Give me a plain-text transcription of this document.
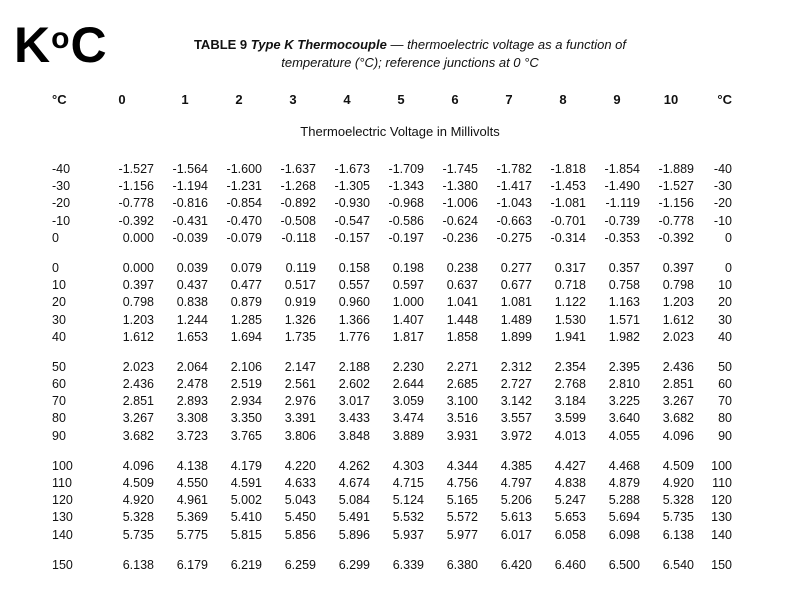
$K^oC$	TABLE 9 Type K Thermocouple — thermoelectric voltage as a function of
temperature (°C); reference junctions at 0 °C
°C	0	1	2	3	4	5	6	7	8	9	10	°C
Thermoelectric Voltage in Millivolts
-40	-1.527	-1.564	-1.600	-1.637	-1.673	-1.709	-1.745	-1.782	-1.818	-1.854	-1.889	-40
-30	-1.156	-1.194	-1.231	-1.268	-1.305	-1.343	-1.380	-1.417	-1.453	-1.490	-1.527	-30
-20	-0.778	-0.816	-0.854	-0.892	-0.930	-0.968	-1.006	-1.043	-1.081	-1.119	-1.156	-20
-10	-0.392	-0.431	-0.470	-0.508	-0.547	-0.586	-0.624	-0.663	-0.701	-0.739	-0.778	-10
0	0.000	-0.039	-0.079	-0.118	-0.157	-0.197	-0.236	-0.275	-0.314	-0.353	-0.392	0
0	0.000	0.039	0.079	0.119	0.158	0.198	0.238	0.277	0.317	0.357	0.397	0
10	0.397	0.437	0.477	0.517	0.557	0.597	0.637	0.677	0.718	0.758	0.798	10
20	0.798	0.838	0.879	0.919	0.960	1.000	1.041	1.081	1.122	1.163	1.203	20
30	1.203	1.244	1.285	1.326	1.366	1.407	1.448	1.489	1.530	1.571	1.612	30
40	1.612	1.653	1.694	1.735	1.776	1.817	1.858	1.899	1.941	1.982	2.023	40
50	2.023	2.064	2.106	2.147	2.188	2.230	2.271	2.312	2.354	2.395	2.436	50
60	2.436	2.478	2.519	2.561	2.602	2.644	2.685	2.727	2.768	2.810	2.851	60
70	2.851	2.893	2.934	2.976	3.017	3.059	3.100	3.142	3.184	3.225	3.267	70
80	3.267	3.308	3.350	3.391	3.433	3.474	3.516	3.557	3.599	3.640	3.682	80
90	3.682	3.723	3.765	3.806	3.848	3.889	3.931	3.972	4.013	4.055	4.096	90
100	4.096	4.138	4.179	4.220	4.262	4.303	4.344	4.385	4.427	4.468	4.509	100
110	4.509	4.550	4.591	4.633	4.674	4.715	4.756	4.797	4.838	4.879	4.920	110
120	4.920	4.961	5.002	5.043	5.084	5.124	5.165	5.206	5.247	5.288	5.328	120
130	5.328	5.369	5.410	5.450	5.491	5.532	5.572	5.613	5.653	5.694	5.735	130
140	5.735	5.775	5.815	5.856	5.896	5.937	5.977	6.017	6.058	6.098	6.138	140
150	6.138	6.179	6.219	6.259	6.299	6.339	6.380	6.420	6.460	6.500	6.540	150
